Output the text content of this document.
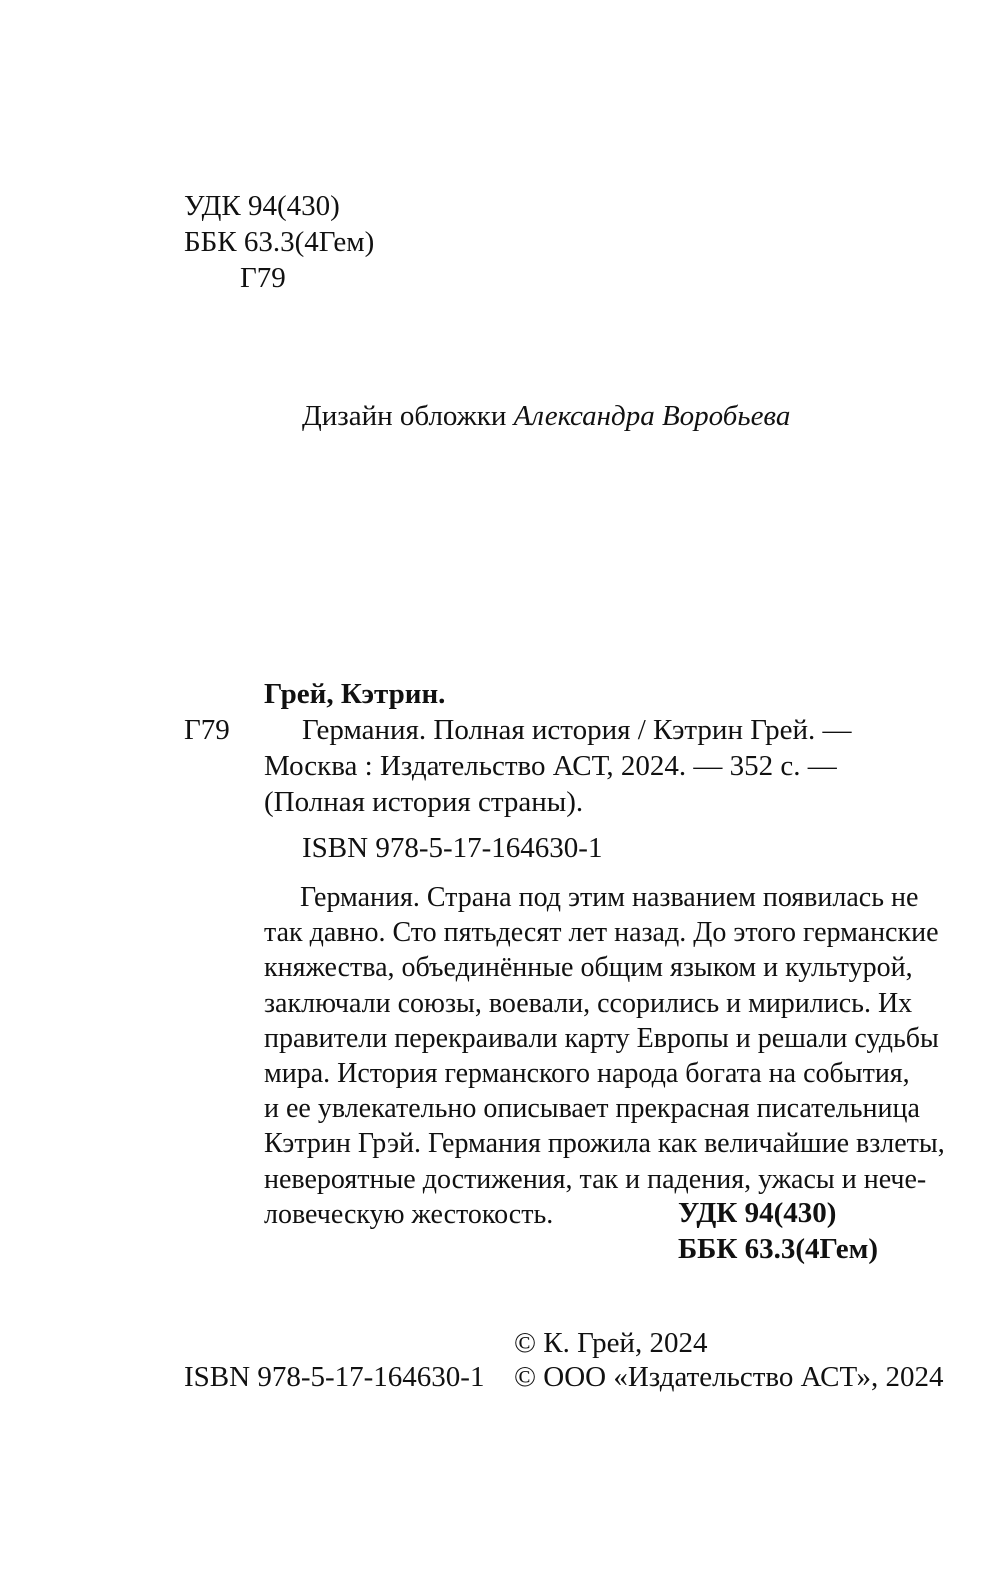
УДК 94(430)
ББК 63.3(4Гем)
Г79
Дизайн обложки Александра Воробьева
Грей, Кэтрин.
Г79 Германия. Полная история / Кэтрин Грей. —
Москва : Издательство АСТ, 2024. — 352 с. —
(Полная история страны).
ISBN 978-5-17-164630-1
Германия. Страна под этим названием появилась не
так давно. Сто пятьдесят лет назад. До этого германские
княжества, объединённые общим языком и культурой,
заключали союзы, воевали, ссорились и мирились. Их
правители перекраивали карту Европы и решали судьбы
мира. История германского народа богата на события,
и ее увлекательно описывает прекрасная писательница
Кэтрин Грэй. Германия прожила как величайшие взлеты,
невероятные достижения, так и падения, ужасы и нече-
ловеческую жестокость.	УДК 94(430)
ББК 63.3(4Гем)
© К. Грей, 2024
ISBN 978-5-17-164630-1 © ООО «Издательство АСТ», 2024
